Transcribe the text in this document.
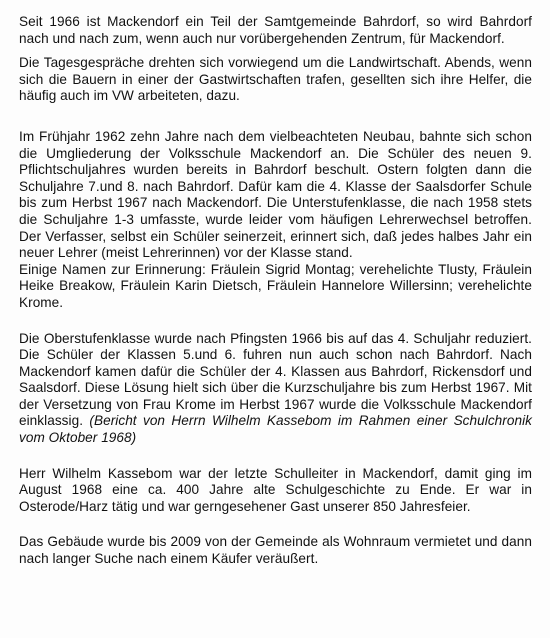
Seit 1966 ist Mackendorf ein Teil der Samtgemeinde Bahrdorf, so wird Bahrdorf nach und nach zum, wenn auch nur vorübergehenden Zentrum, für Mackendorf.

Die Tagesgespräche drehten sich vorwiegend um die Landwirtschaft. Abends, wenn sich die Bauern in einer der Gastwirtschaften trafen, gesellten sich ihre Helfer, die häufig auch im VW arbeiteten, dazu.

Im Frühjahr 1962 zehn Jahre nach dem vielbeachteten Neubau, bahnte sich schon die Umgliederung der Volksschule Mackendorf an. Die Schüler des neuen 9. Pflichtschuljahres wurden bereits in Bahrdorf beschult. Ostern folgten dann die Schuljahre 7.und 8. nach Bahrdorf. Dafür kam die 4. Klasse der Saalsdorfer Schule bis zum Herbst 1967 nach Mackendorf. Die Unterstufenklasse, die nach 1958 stets die Schuljahre 1-3 umfasste, wurde leider vom häufigen Lehrerwechsel betroffen. Der Verfasser, selbst ein Schüler seinerzeit, erinnert sich, daß jedes halbes Jahr ein neuer Lehrer (meist Lehrerinnen) vor der Klasse stand.

Einige Namen zur Erinnerung: Fräulein Sigrid Montag; verehelichte Tlusty, Fräulein Heike Breakow, Fräulein Karin Dietsch, Fräulein Hannelore Willersinn; verehelichte Krome.

Die Oberstufenklasse wurde nach Pfingsten 1966 bis auf das 4. Schuljahr reduziert. Die Schüler der Klassen 5.und 6. fuhren nun auch schon nach Bahrdorf. Nach Mackendorf kamen dafür die Schüler der 4. Klassen aus Bahrdorf, Rickensdorf und Saalsdorf. Diese Lösung hielt sich über die Kurzschuljahre bis zum Herbst 1967. Mit der Versetzung von Frau Krome im Herbst 1967 wurde die Volksschule Mackendorf einklassig. (Bericht von Herrn Wilhelm Kassebom im Rahmen einer Schulchronik vom Oktober 1968)

Herr Wilhelm Kassebom war der letzte Schulleiter in Mackendorf, damit ging im August 1968 eine ca. 400 Jahre alte Schulgeschichte zu Ende. Er war in Osterode/Harz tätig und war gerngesehener Gast unserer 850 Jahresfeier.

Das Gebäude wurde bis 2009 von der Gemeinde als Wohnraum vermietet und dann nach langer Suche nach einem Käufer veräußert.
